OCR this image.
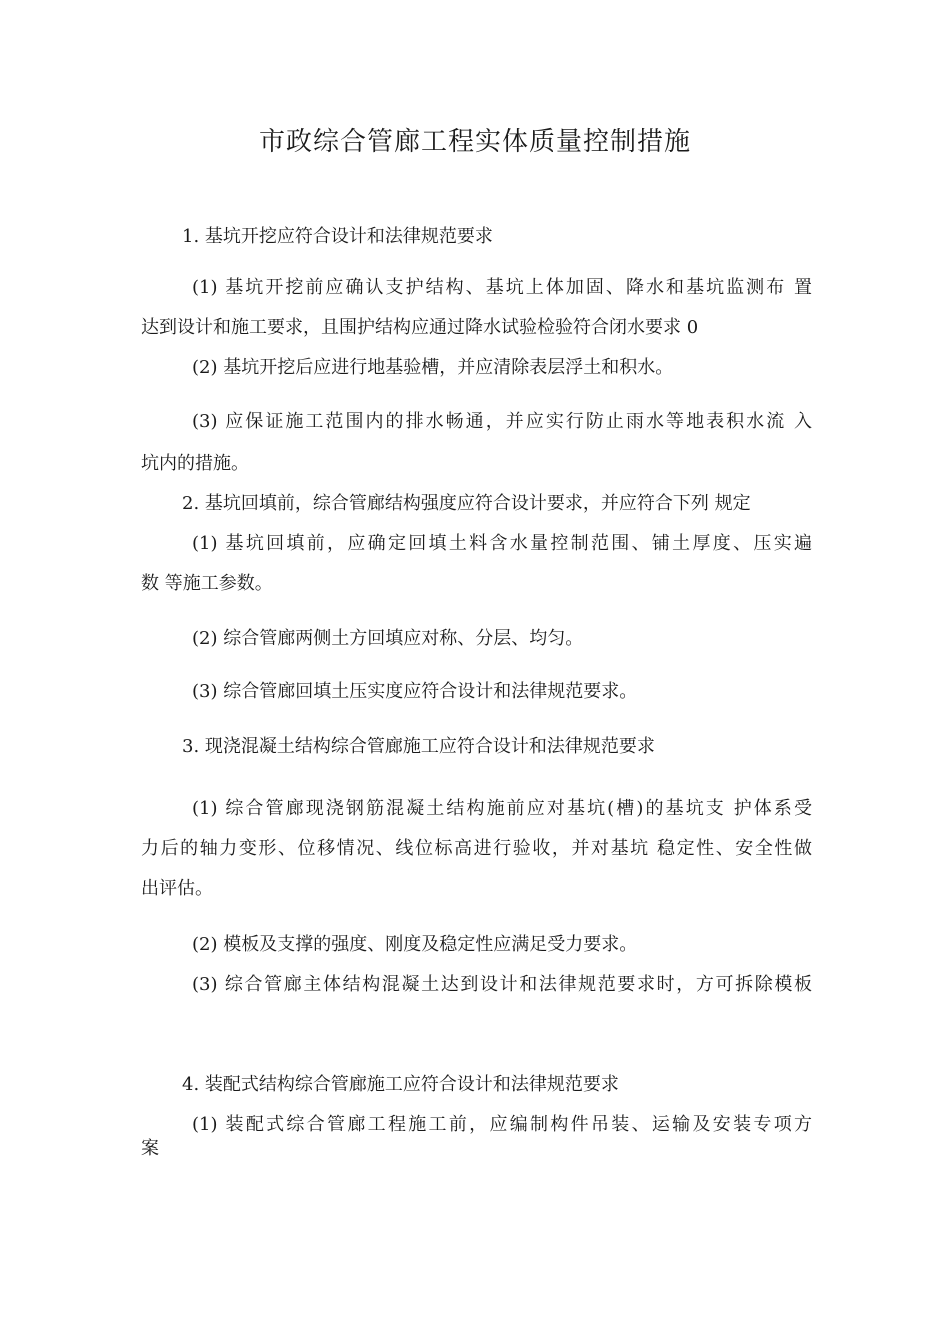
市政综合管廊工程实体质量控制措施
1. 基坑开挖应符合设计和法律规范要求
(1) 基坑开挖前应确认支护结构、基坑上体加固、降水和基坑监测布 置
达到设计和施工要求，且围护结构应通过降水试验检验符合闭水要求 0
(2) 基坑开挖后应进行地基验槽，并应清除表层浮土和积水。
(3) 应保证施工范围内的排水畅通，并应实行防止雨水等地表积水流 入
坑内的措施。
2. 基坑回填前，综合管廊结构强度应符合设计要求，并应符合下列 规定
(1) 基坑回填前，应确定回填土料含水量控制范围、铺土厚度、压实遍
数 等施工参数。
(2) 综合管廊两侧土方回填应对称、分层、均匀。
(3) 综合管廊回填土压实度应符合设计和法律规范要求。
3. 现浇混凝土结构综合管廊施工应符合设计和法律规范要求
(1) 综合管廊现浇钢筋混凝土结构施前应对基坑(槽)的基坑支 护体系受
力后的轴力变形、位移情况、线位标高进行验收，并对基坑 稳定性、安全性做
出评估。
(2) 模板及支撑的强度、刚度及稳定性应满足受力要求。
(3) 综合管廊主体结构混凝土达到设计和法律规范要求时，方可拆除模板
4. 装配式结构综合管廊施工应符合设计和法律规范要求
(1) 装配式综合管廊工程施工前，应编制构件吊装、运输及安装专项方
案
